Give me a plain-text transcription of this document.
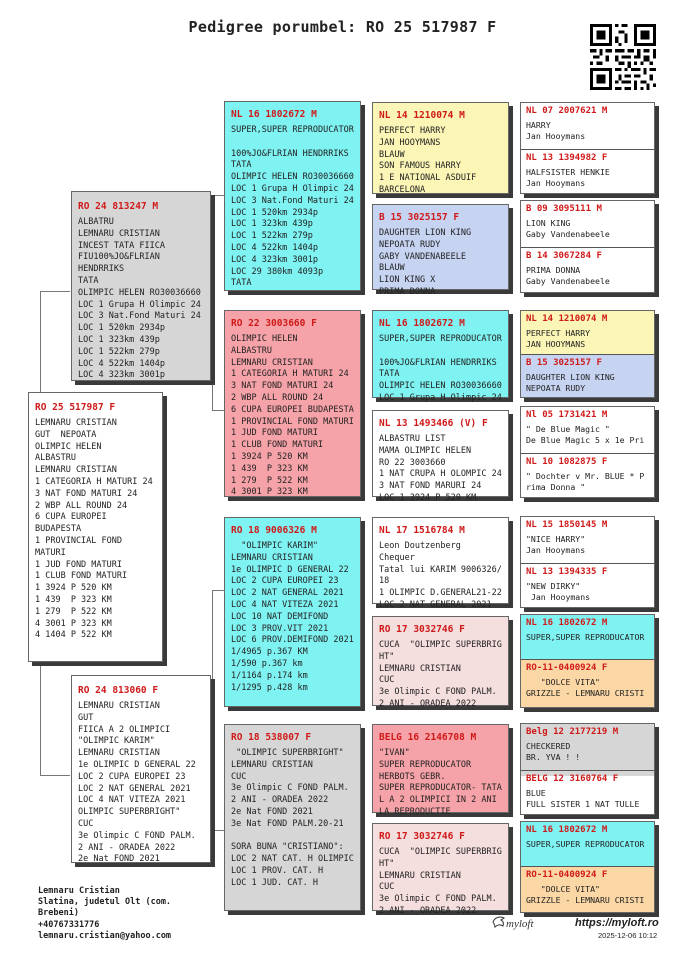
Pedigree porumbel: RO 25 517987 F
RO 25 517987 F
LEMNARU CRISTIAN
GUT  NEPOATA
OLIMPIC HELEN
ALBASTRU
LEMNARU CRISTIAN
1 CATEGORIA H MATURI 24
3 NAT FOND MATURI 24
2 WBP ALL ROUND 24
6 CUPA EUROPEI BUDAPESTA
1 PROVINCIAL FOND MATURI
1 JUD FOND MATURI
1 CLUB FOND MATURI
1 3924 P 520 KM
1 439  P 323 KM
1 279  P 522 KM
4 3001 P 323 KM
4 1404 P 522 KM
RO 24 813247 M
ALBATRU
LEMNARU CRISTIAN
INCEST TATA FIICA
FIU100%JO&FLRIAN HENDRRIKS
TATA
OLIMPIC HELEN RO30036660
LOC 1 Grupa H Olimpic 24
LOC 3 Nat.Fond Maturi 24
LOC 1 520km 2934p
LOC 1 323km 439p
LOC 1 522km 279p
LOC 4 522km 1404p
LOC 4 323km 3001p
RO 24 813060 F
LEMNARU CRISTIAN
GUT
FIICA A 2 OLIMPICI
"OLIMPIC KARIM"
LEMNARU CRISTIAN
1e OLIMPIC D GENERAL 22
LOC 2 CUPA EUROPEI 23
LOC 2 NAT GENERAL 2021
LOC 4 NAT VITEZA 2021
OLIMPIC SUPERBRIGHT"
CUC
3e Olimpic C FOND PALM.
2 ANI - ORADEA 2022
2e Nat FOND 2021
NL 16 1802672 M
SUPER,SUPER REPRODUCATOR

100%JO&FLRIAN HENDRRIKS
TATA
OLIMPIC HELEN RO30036660
LOC 1 Grupa H Olimpic 24
LOC 3 Nat.Fond Maturi 24
LOC 1 520km 2934p
LOC 1 323km 439p
LOC 1 522km 279p
LOC 4 522km 1404p
LOC 4 323km 3001p
LOC 29 380km 4093p
TATA
RO 22 3003660 F
OLIMPIC HELEN
ALBASTRU
LEMNARU CRISTIAN
1 CATEGORIA H MATURI 24
3 NAT FOND MATURI 24
2 WBP ALL ROUND 24
6 CUPA EUROPEI BUDAPESTA
1 PROVINCIAL FOND MATURI
1 JUD FOND MATURI
1 CLUB FOND MATURI
1 3924 P 520 KM
1 439  P 323 KM
1 279  P 522 KM
4 3001 P 323 KM
RO 18 9006326 M
"OLIMPIC KARIM"
LEMNARU CRISTIAN
1e OLIMPIC D GENERAL 22
LOC 2 CUPA EUROPEI 23
LOC 2 NAT GENERAL 2021
LOC 4 NAT VITEZA 2021
LOC 10 NAT DEMIFOND
LOC 3 PROV.VIT 2021
LOC 6 PROV.DEMIFOND 2021
1/4965 p.367 KM
1/590 p.367 km
1/1164 p.174 km
1/1295 p.428 km
RO 18 538007 F
"OLIMPIC SUPERBRIGHT"
LEMNARU CRISTIAN
CUC
3e Olimpic C FOND PALM.
2 ANI - ORADEA 2022
2e Nat FOND 2021
3e Nat FOND PALM.20-21

SORA BUNA "CRISTIANO":
LOC 2 NAT CAT. H OLIMPIC
LOC 1 PROV. CAT. H
LOC 1 JUD. CAT. H
NL 14 1210074 M
PERFECT HARRY
JAN HOOYMANS
BLAUW
SON FAMOUS HARRY
1 E NATIONAL ASDUIF
BARCELONA
B 15 3025157 F
DAUGHTER LION KING
NEPOATA RUDY
GABY VANDENABEELE
BLAUW
LION KING X
PRIMA DONNA
NL 16 1802672 M
SUPER,SUPER REPRODUCATOR

100%JO&FLRIAN HENDRRIKS
TATA
OLIMPIC HELEN RO30036660
LOC 1 Grupa H Olimpic 24
NL 13 1493466 (V) F
ALBASTRU LIST
MAMA OLIMPIC HELEN
RO 22 3003660
1 NAT CRUPA H OLOMPIC 24
3 NAT FOND MARURI 24
LOC 1 3924 P 520 KM
NL 17 1516784 M
Leon Doutzenberg
Chequer
Tatal lui KARIM 9006326/
18
1 OLIMPIC D.GENERAL21-22
LOC 2 NAT GENERAL 2021
RO 17 3032746 F
CUCA  "OLIMPIC SUPERBRIG
HT"
LEMNARU CRISTIAN
CUC
3e Olimpic C FOND PALM.
2 ANI - ORADEA 2022
BELG 16 2146708 M
"IVAN"
SUPER REPRODUCATOR
HERBOTS GEBR.
SUPER REPRODUCATOR- TATA
L A 2 OLIMPICI IN 2 ANI
LA REPRODUCTIE
RO 17 3032746 F
CUCA  "OLIMPIC SUPERBRIG
HT"
LEMNARU CRISTIAN
CUC
3e Olimpic C FOND PALM.
2 ANI - ORADEA 2022
NL 07 2007621 M
HARRY
Jan Hooymans
NL 13 1394982 F
HALFSISTER HENKIE
Jan Hooymans
B 09 3095111 M
LION KING
Gaby Vandenabeele
B 14 3067284 F
PRIMA DONNA
Gaby Vandenabeele
NL 14 1210074 M
PERFECT HARRY
JAN HOOYMANS
B 15 3025157 F
DAUGHTER LION KING
NEPOATA RUDY
Nl 05 1731421 M
" De Blue Magic "
De Blue Magic 5 x 1e Pri
NL 10 1082875 F
" Dochter v Mr. BLUE * P
rima Donna "
NL 15 1850145 M
"NICE HARRY"
Jan Hooymans
NL 13 1394335 F
"NEW DIRKY"
Jan Hooymans
NL 16 1802672 M
SUPER,SUPER REPRODUCATOR
RO-11-0400924 F
"DOLCE VITA"
GRIZZLE - LEMNARU CRISTI
Belg 12 2177219 M
CHECKERED
BR. YVA ! !
BELG 12 3160764 F
BLUE
FULL SISTER 1 NAT TULLE
NL 16 1802672 M
SUPER,SUPER REPRODUCATOR
RO-11-0400924 F
"DOLCE VITA"
GRIZZLE - LEMNARU CRISTI
Lemnaru Cristian
Slatina, judetul Olt (com.
Brebeni)
+40767331776
lemnaru.cristian@yahoo.com
myloft	https://myloft.ro
2025-12-06 10:12
